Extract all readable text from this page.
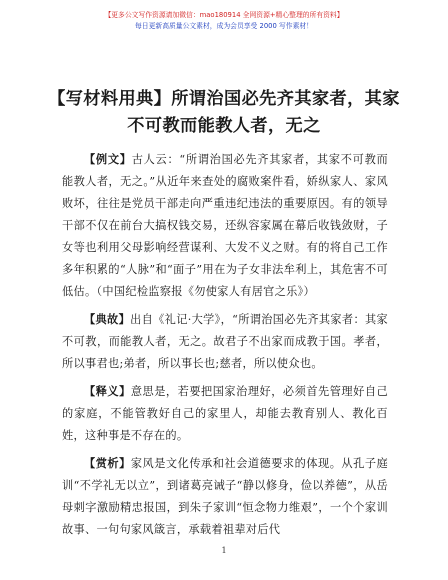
【更多公文写作资源请加微信：mao180914 全网资源+精心整理的所有资料】
每日更新高质量公文素材，成为会员享受 2000 写作素材！
【写材料用典】所谓治国必先齐其家者，其家不可教而能教人者，无之

【例文】古人云：“所谓治国必先齐其家者，其家不可教而能教人者，无之。”从近年来查处的腐败案件看，娇纵家人、家风败坏，往往是党员干部走向严重违纪违法的重要原因。有的领导干部不仅在前台大搞权钱交易，还纵容家属在幕后收钱敛财，子女等也利用父母影响经营谋利、大发不义之财。有的将自己工作多年积累的“人脉”和“面子”用在为子女非法牟利上，其危害不可低估。（中国纪检监察报《勿使家人有居官之乐》）

【典故】出自《礼记·大学》，“所谓治国必先齐其家者：其家不可教，而能教人者，无之。故君子不出家而成教于国。孝者，所以事君也;弟者，所以事长也;慈者，所以使众也。

【释义】意思是，若要把国家治理好，必须首先管理好自己的家庭，不能管教好自己的家里人，却能去教育别人、教化百姓，这种事是不存在的。

【赏析】家风是文化传承和社会道德要求的体现。从孔子庭训“不学礼无以立”，到诸葛亮诫子“静以修身，俭以养德”，从岳母刺字激励精忠报国，到朱子家训“恒念物力维艰”，一个个家训故事、一句句家风箴言，承载着祖辈对后代

1
